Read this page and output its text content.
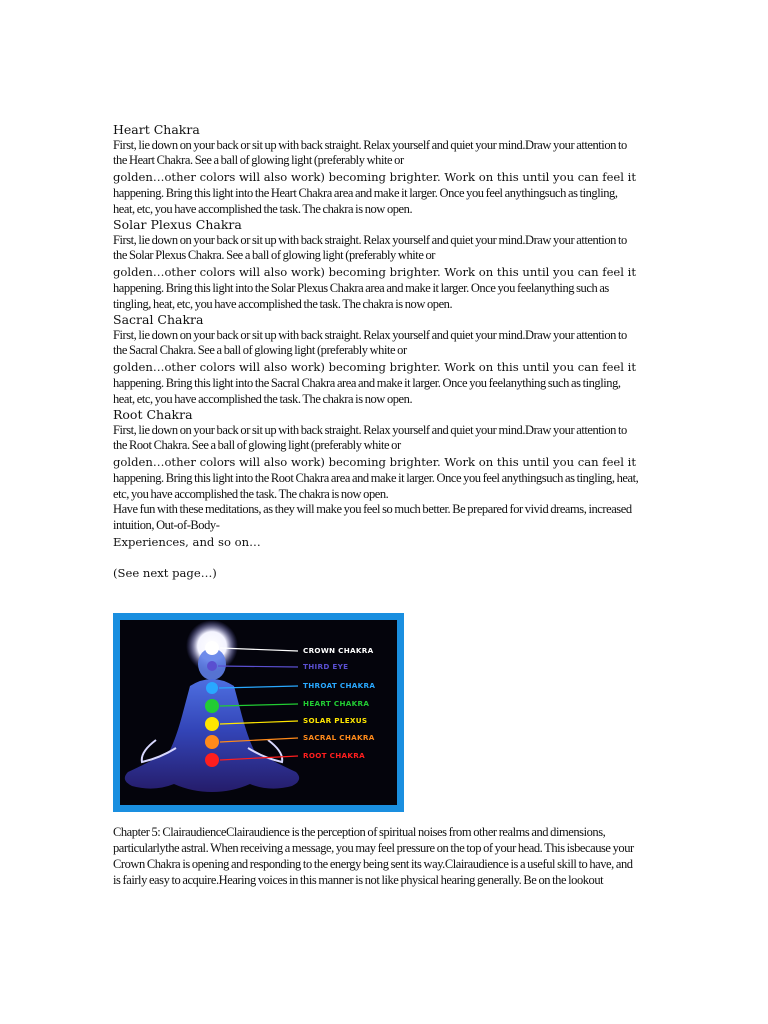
Heart Chakra
First, lie down on your back or sit up with back straight. Relax yourself and quiet your mind.Draw your attention to
the Heart Chakra. See a ball of glowing light (preferably white or
golden…other colors will also work) becoming brighter. Work on this until you can feel it
happening. Bring this light into the Heart Chakra area and make it larger. Once you feel anythingsuch as tingling,
heat, etc, you have accomplished the task. The chakra is now open.
Solar Plexus Chakra
First, lie down on your back or sit up with back straight. Relax yourself and quiet your mind.Draw your attention to
the Solar Plexus Chakra. See a ball of glowing light (preferably white or
golden…other colors will also work) becoming brighter. Work on this until you can feel it
happening. Bring this light into the Solar Plexus Chakra area and make it larger. Once you feelanything such as
tingling, heat, etc, you have accomplished the task. The chakra is now open.
Sacral Chakra
First, lie down on your back or sit up with back straight. Relax yourself and quiet your mind.Draw your attention to
the Sacral Chakra. See a ball of glowing light (preferably white or
golden…other colors will also work) becoming brighter. Work on this until you can feel it
happening. Bring this light into the Sacral Chakra area and make it larger. Once you feelanything such as tingling,
heat, etc, you have accomplished the task. The chakra is now open.
Root Chakra
First, lie down on your back or sit up with back straight. Relax yourself and quiet your mind.Draw your attention to
the Root Chakra. See a ball of glowing light (preferably white or
golden…other colors will also work) becoming brighter. Work on this until you can feel it
happening. Bring this light into the Root Chakra area and make it larger. Once you feel anythingsuch as tingling, heat,
etc, you have accomplished the task. The chakra is now open.
Have fun with these meditations, as they will make you feel so much better. Be prepared for vivid dreams, increased
intuition, Out-of-Body-
Experiences, and so on…
(See next page…)
Chapter 5: ClairaudienceClairaudience is the perception of spiritual noises from other realms and dimensions,
particularlythe astral. When receiving a message, you may feel pressure on the top of your head. This isbecause your
Crown Chakra is opening and responding to the energy being sent its way.Clairaudience is a useful skill to have, and
is fairly easy to acquire.Hearing voices in this manner is not like physical hearing generally. Be on the lookout
CROWN CHAKRA
THIRD EYE
THROAT CHAKRA
HEART CHAKRA
SOLAR PLEXUS
SACRAL CHAKRA
ROOT CHAKRA
